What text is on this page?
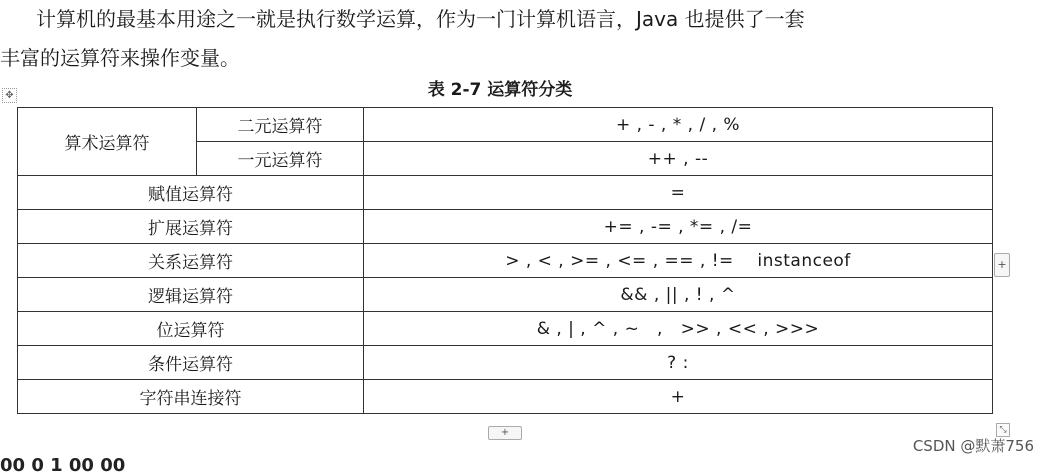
计算机的最基本用途之一就是执行数学运算，作为一门计算机语言，Java 也提供了一套
丰富的运算符来操作变量。
✥	表 2-7 运算符分类
算术运算符	二元运算符	+ , - , * , / , %
	一元运算符	++ , --
赋值运算符		=
扩展运算符		+= , -= , *= , /=
关系运算符		> , < , >= , <= , == , !=    instanceof
逻辑运算符		&& , || , ! , ^
位运算符		& , | , ^ , ~   ,   >> , << , >>>
条件运算符		? :
字符串连接符		+
+
+	⤡
CSDN @默萧756
00 0 1 00 00
